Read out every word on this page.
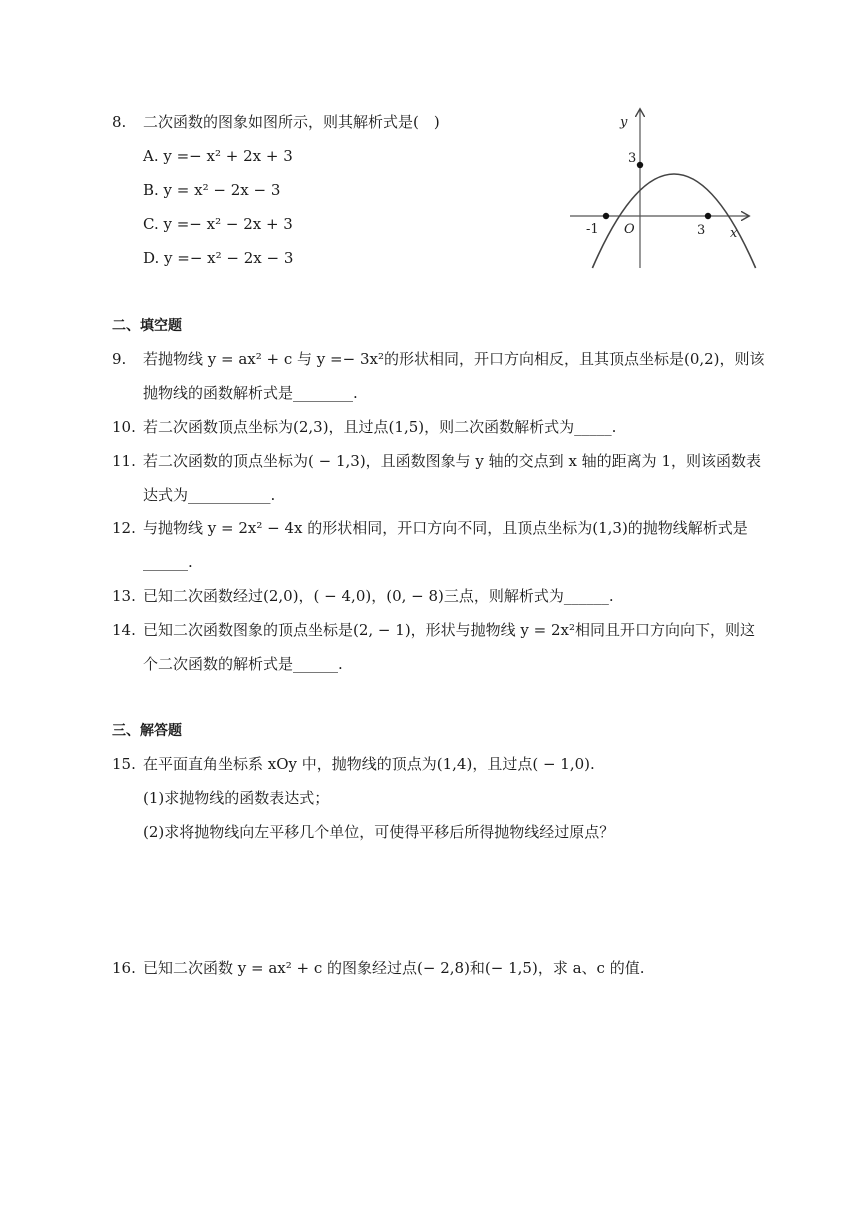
8. 二次函数的图象如图所示，则其解析式是(　)
A. y =− x² + 2x + 3
B. y = x² − 2x − 3
C. y =− x² − 2x + 3
D. y =− x² − 2x − 3
y
x
O
3
-1	3
二、填空题
9. 若抛物线 y = ax² + c 与 y =− 3x²的形状相同，开口方向相反，且其顶点坐标是(0,2)，则该
抛物线的函数解析式是________.
10. 若二次函数顶点坐标为(2,3)，且过点(1,5)，则二次函数解析式为_____.
11. 若二次函数的顶点坐标为( − 1,3)，且函数图象与 y 轴的交点到 x 轴的距离为 1，则该函数表
达式为___________.
12. 与抛物线 y = 2x² − 4x 的形状相同，开口方向不同，且顶点坐标为(1,3)的抛物线解析式是
______.
13. 已知二次函数经过(2,0)，( − 4,0)，(0, − 8)三点，则解析式为______.
14. 已知二次函数图象的顶点坐标是(2, − 1)，形状与抛物线 y = 2x²相同且开口方向向下，则这
个二次函数的解析式是______.
三、解答题
15. 在平面直角坐标系 xOy 中，抛物线的顶点为(1,4)，且过点( − 1,0).
(1)求抛物线的函数表达式；
(2)求将抛物线向左平移几个单位，可使得平移后所得抛物线经过原点？
16. 已知二次函数 y = ax² + c 的图象经过点(− 2,8)和(− 1,5)，求 a、c 的值.
